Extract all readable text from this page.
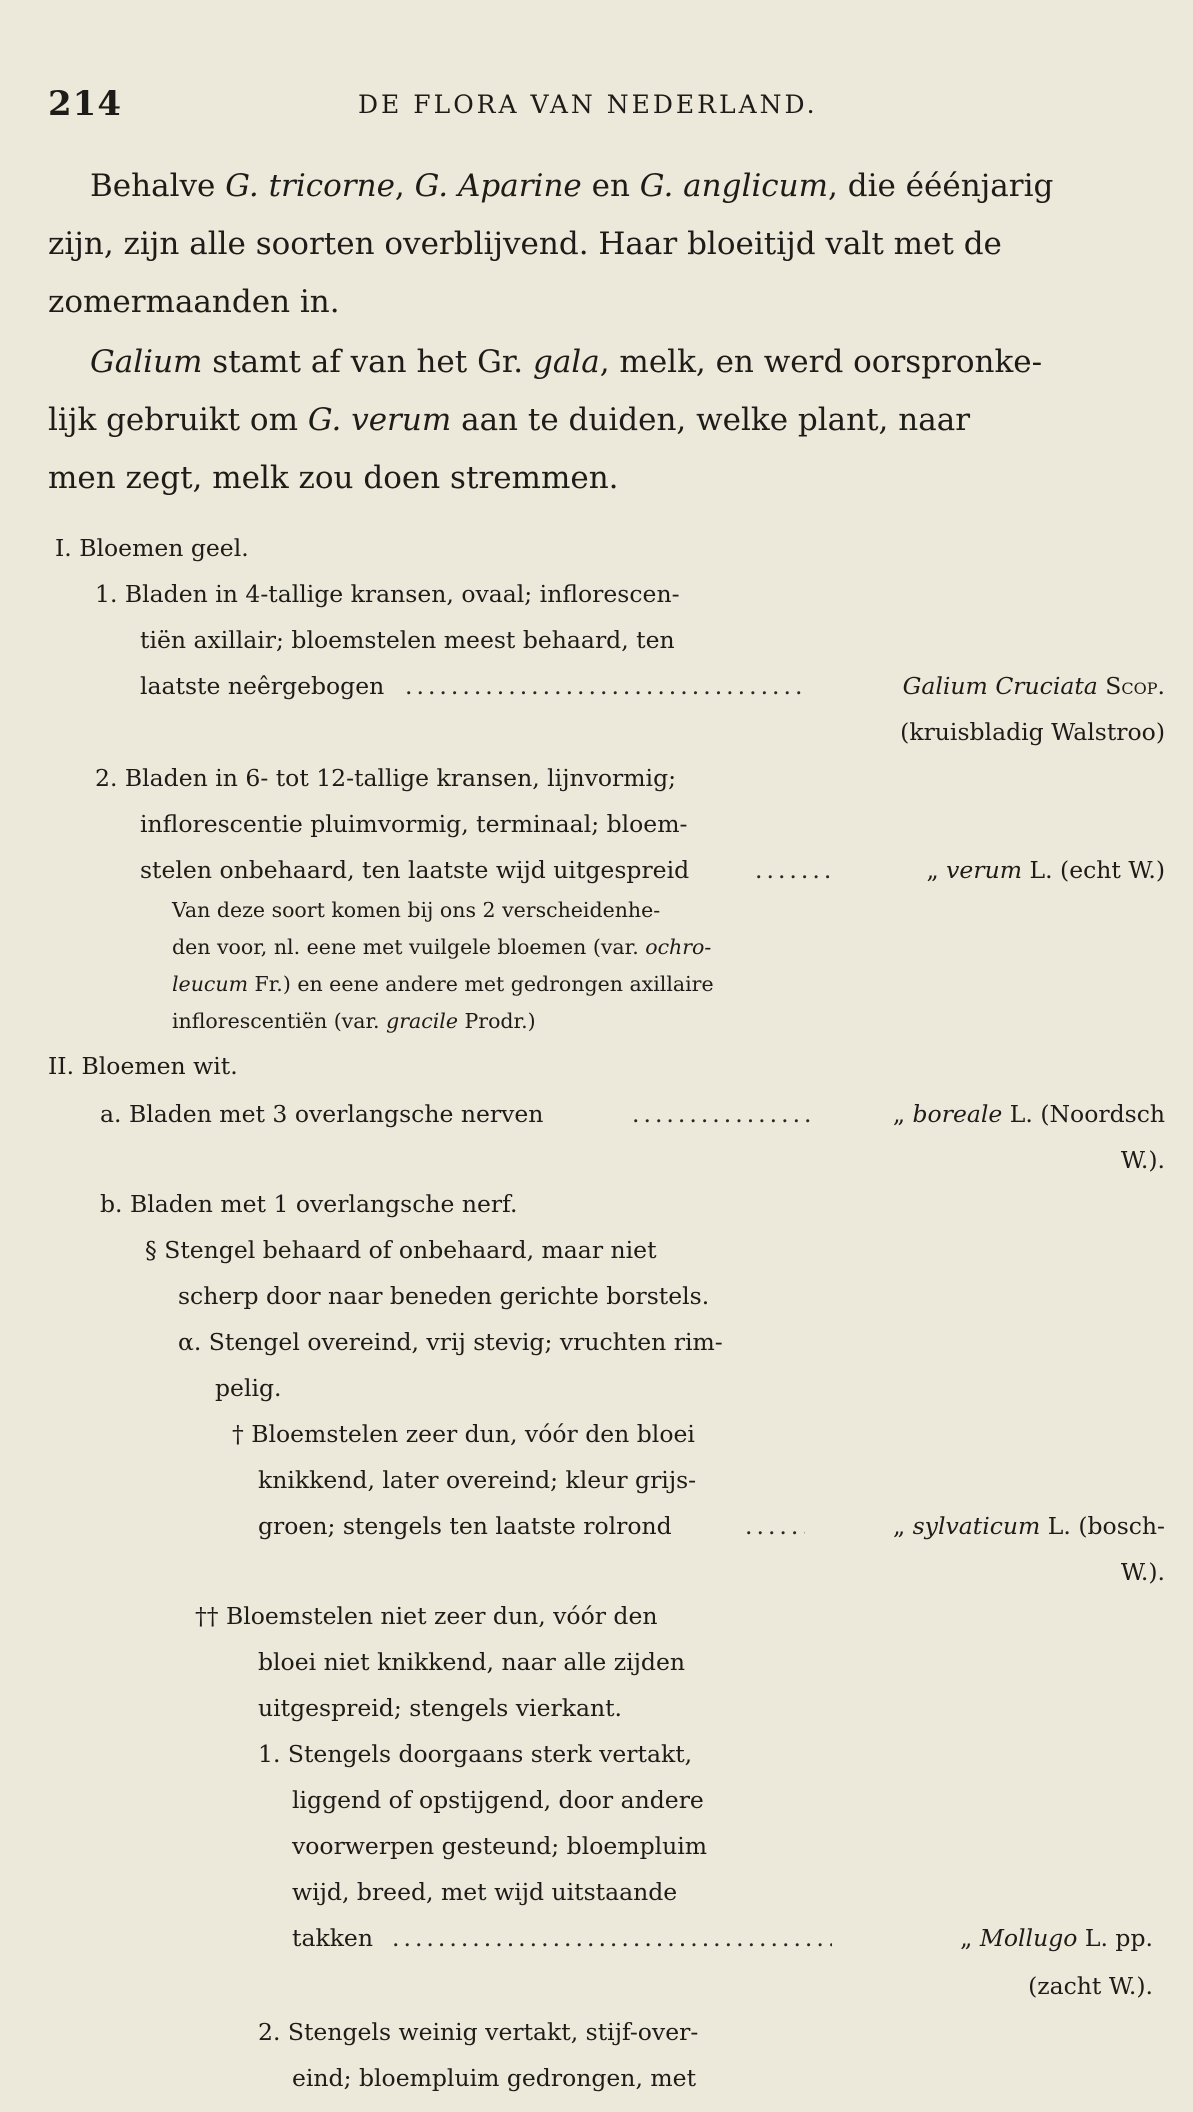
214	DE FLORA VAN NEDERLAND.
Behalve G. tricorne, G. Aparine en G. anglicum, die ééénjarig
zijn, zijn alle soorten overblijvend. Haar bloeitijd valt met de
zomermaanden in.
Galium stamt af van het Gr. gala, melk, en werd oorspronke-
lijk gebruikt om G. verum aan te duiden, welke plant, naar
men zegt, melk zou doen stremmen.
I. Bloemen geel.
1. Bladen in 4-tallige kransen, ovaal; inflorescen-
tiën axillair; bloemstelen meest behaard, ten
laatste neêrgebogen .....	Galium Cruciata Scop.
(kruisbladig Walstroo)
2. Bladen in 6- tot 12-tallige kransen, lijnvormig;
inflorescentie pluimvormig, terminaal; bloem-
stelen onbehaard, ten laatste wijd uitgespreid .....	„ verum L. (echt W.)
Van deze soort komen bij ons 2 verscheidenhe-
den voor, nl. eene met vuilgele bloemen (var. ochro-
leucum Fr.) en eene andere met gedrongen axillaire
inflorescentiën (var. gracile Prodr.)
II. Bloemen wit.
a. Bladen met 3 overlangsche nerven .....	„ boreale L. (Noordsch
W.).
b. Bladen met 1 overlangsche nerf.
§ Stengel behaard of onbehaard, maar niet
scherp door naar beneden gerichte borstels.
α. Stengel overeind, vrij stevig; vruchten rim-
pelig.
† Bloemstelen zeer dun, vóór den bloei
knikkend, later overeind; kleur grijs-
groen; stengels ten laatste rolrond .....	„ sylvaticum L. (bosch-
W.).
†† Bloemstelen niet zeer dun, vóór den
bloei niet knikkend, naar alle zijden
uitgespreid; stengels vierkant.
1. Stengels doorgaans sterk vertakt,
liggend of opstijgend, door andere
voorwerpen gesteund; bloempluim
wijd, breed, met wijd uitstaande
takken .....	„ Mollugo L. pp.
(zacht W.).
2. Stengels weinig vertakt, stijf-over-
eind; bloempluim gedrongen, met
